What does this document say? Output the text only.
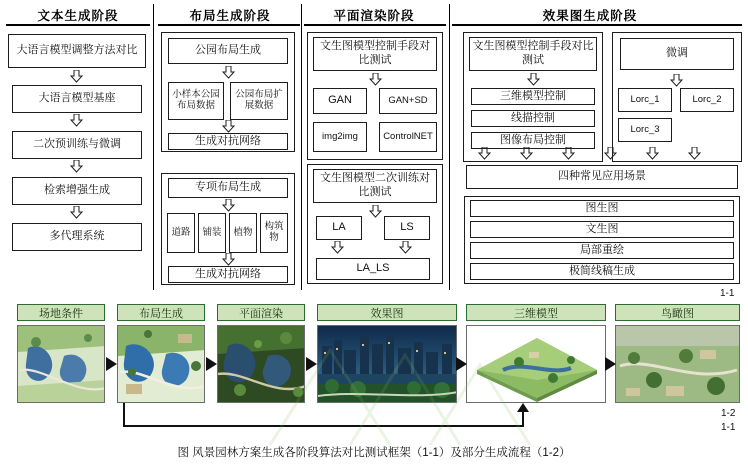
文本生成阶段	布局生成阶段	平面渲染阶段	效果图生成阶段
大语言模型调整方法对比
大语言模型基座
二次预训练与微调
检索增强生成
多代理系统
公园布局生成
小样本公园布局数据
公园布局扩展数据
生成对抗网络
专项布局生成
道路	铺装	植物	构筑物
生成对抗网络
文生图模型控制手段对比测试
GAN	GAN+SD
img2img	ControlNET
文生图模型二次训练对比测试
LA	LS
LA_LS
文生图模型控制手段对比测试
三维模型控制
线描控制
图像布局控制
微调
Lorc_1	Lorc_2
Lorc_3
四种常见应用场景
图生图
文生图
局部重绘
极简线稿生成
1-1
场地条件	布局生成	平面渲染	效果图	三维模型	鸟瞰图
1-2
1-1
图 风景园林方案生成各阶段算法对比测试框架（1-1）及部分生成流程（1-2）
